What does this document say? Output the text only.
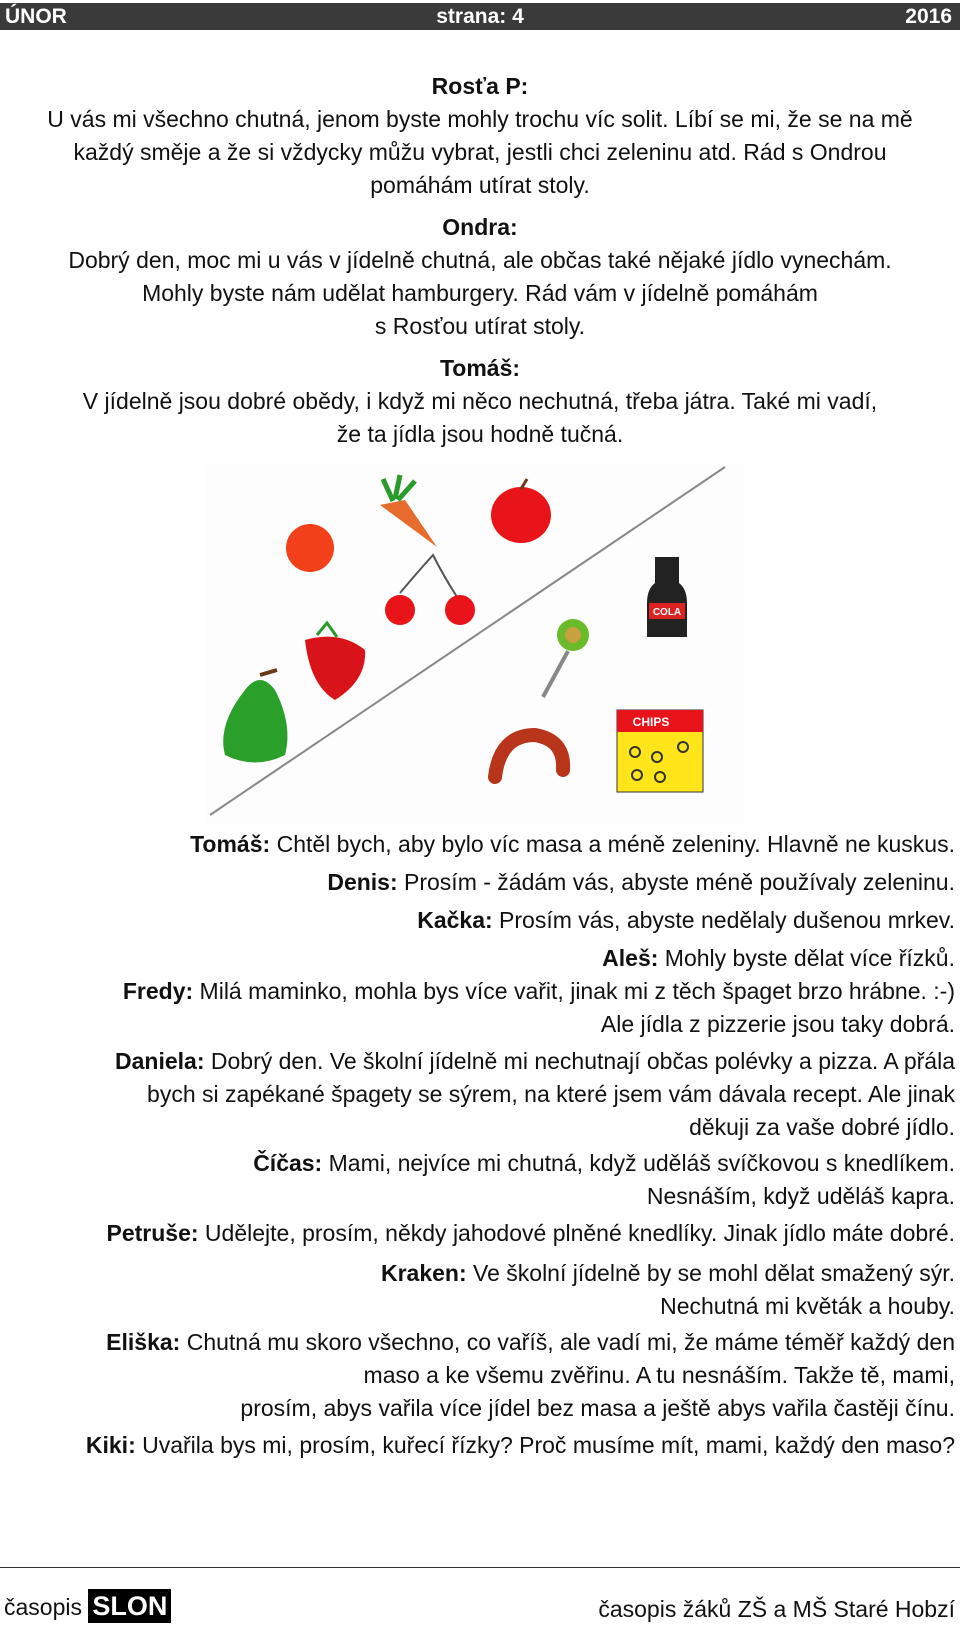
ÚNOR	strana: 4	2016
Rosťa P:
U vás mi všechno chutná, jenom byste mohly trochu víc solit. Líbí se mi, že se na mě
každý směje a že si vždycky můžu vybrat, jestli chci zeleninu atd. Rád s Ondrou
pomáhám utírat stoly.
Ondra:
Dobrý den, moc mi u vás v jídelně chutná, ale občas také nějaké jídlo vynechám.
Mohly byste nám udělat hamburgery. Rád vám v jídelně pomáhám
s Rosťou utírat stoly.
Tomáš:
V jídelně jsou dobré obědy, i když mi něco nechutná, třeba játra. Také mi vadí,
že ta jídla jsou hodně tučná.
COLA
CHIPS
Tomáš: Chtěl bych, aby bylo víc masa a méně zeleniny. Hlavně ne kuskus.
Denis: Prosím - žádám vás, abyste méně používaly zeleninu.
Kačka: Prosím vás, abyste nedělaly dušenou mrkev.
Aleš: Mohly byste dělat více řízků.
Fredy: Milá maminko, mohla bys více vařit, jinak mi z těch špaget brzo hrábne. :-)
Ale jídla z pizzerie jsou taky dobrá.
Daniela: Dobrý den. Ve školní jídelně mi nechutnají občas polévky a pizza. A přála
bych si zapékané špagety se sýrem, na které jsem vám dávala recept. Ale jinak
děkuji za vaše dobré jídlo.
Číčas: Mami, nejvíce mi chutná, když uděláš svíčkovou s knedlíkem.
Nesnáším, když uděláš kapra.
Petruše: Udělejte, prosím, někdy jahodové plněné knedlíky. Jinak jídlo máte dobré.
Kraken: Ve školní jídelně by se mohl dělat smažený sýr.
Nechutná mi květák a houby.
Eliška: Chutná mu skoro všechno, co vaříš, ale vadí mi, že máme téměř každý den
maso a ke všemu zvěřinu. A tu nesnáším. Takže tě, mami,
prosím, abys vařila více jídel bez masa a ještě abys vařila častěji čínu.
Kiki: Uvařila bys mi, prosím, kuřecí řízky? Proč musíme mít, mami, každý den maso?
časopis SLON	časopis žáků ZŠ a MŠ Staré Hobzí
